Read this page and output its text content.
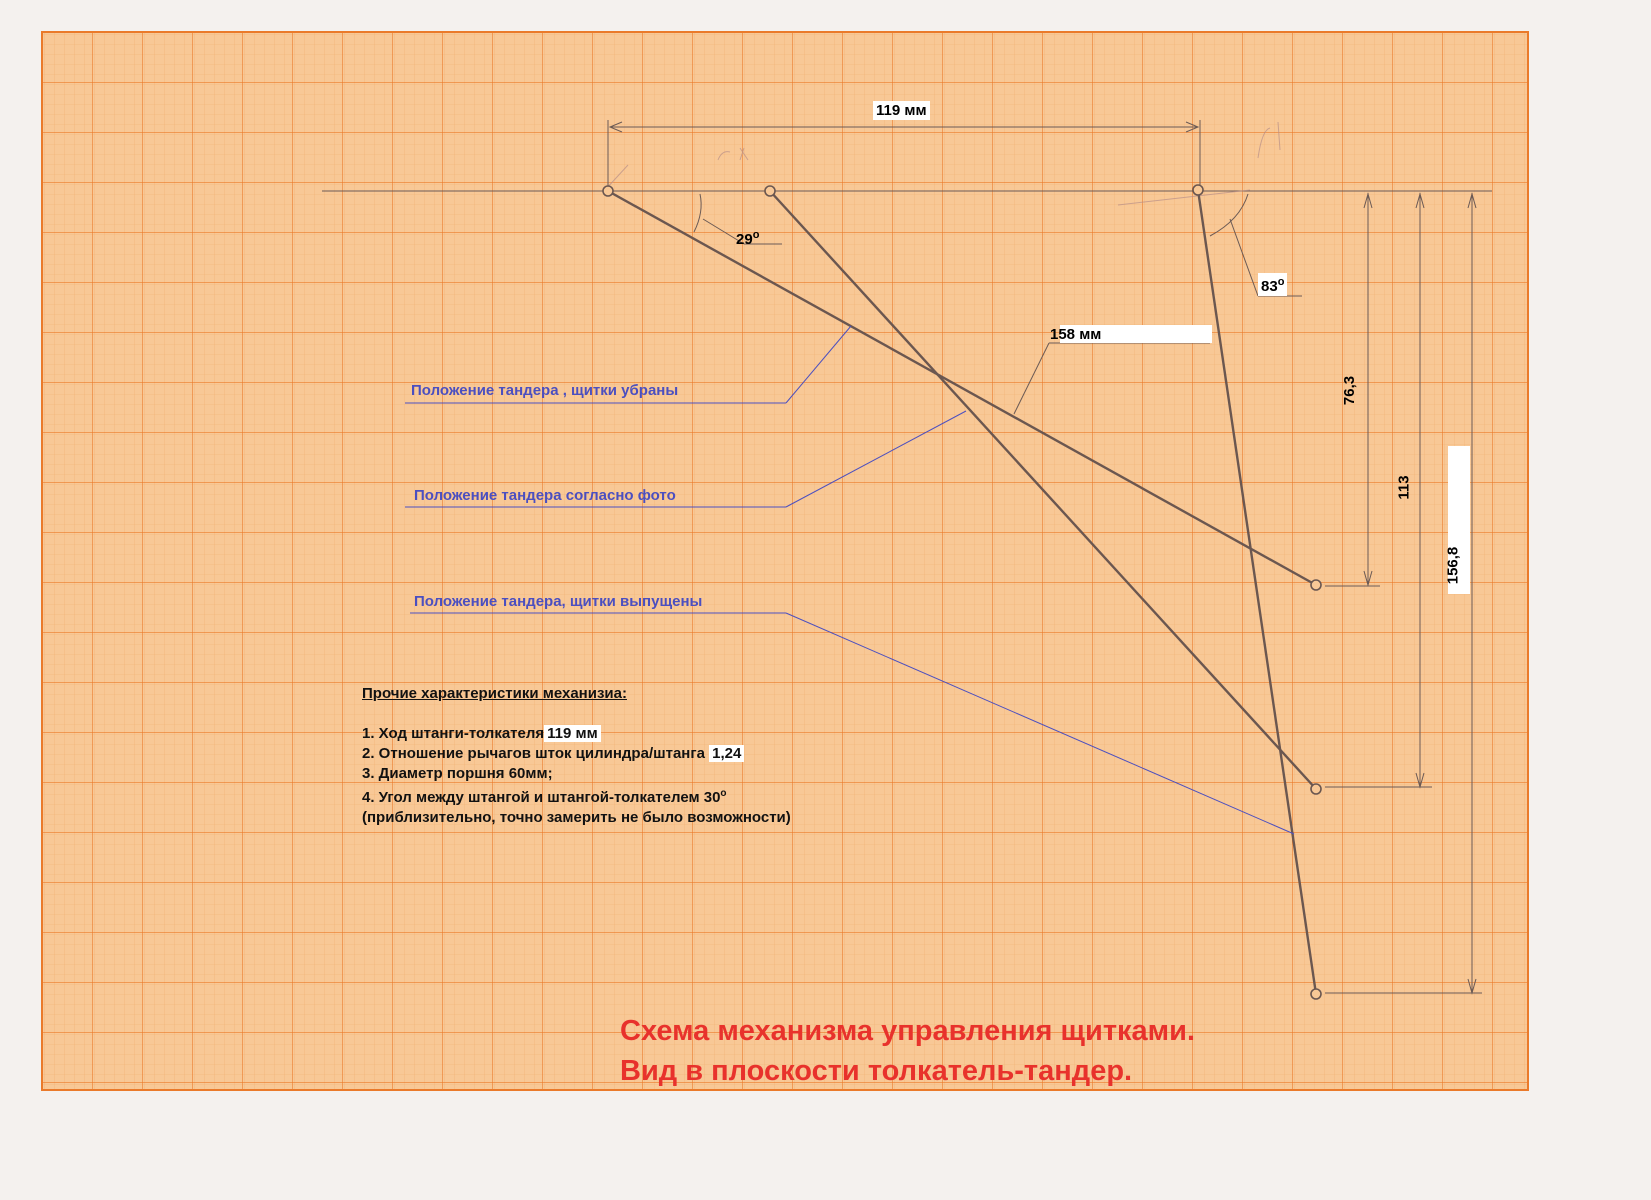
119 мм
29$^o$
83$^o$
158 мм
76,3
113
156,8
Положение тандера , щитки убраны
Положение тандера согласно фото
Положение тандера, щитки выпущены
Прочие характеристики механизиа:
1. Ход штанги-толкателя 119 мм
2. Отношение рычагов шток цилиндра/штанга 1,24
3. Диаметр поршня 60мм;
4. Угол между штангой и штангой-толкателем 30$^o$
(приблизительно, точно замерить не было возможности)
Схема механизма управления щитками.
Вид в плоскости толкатель-тандер.
